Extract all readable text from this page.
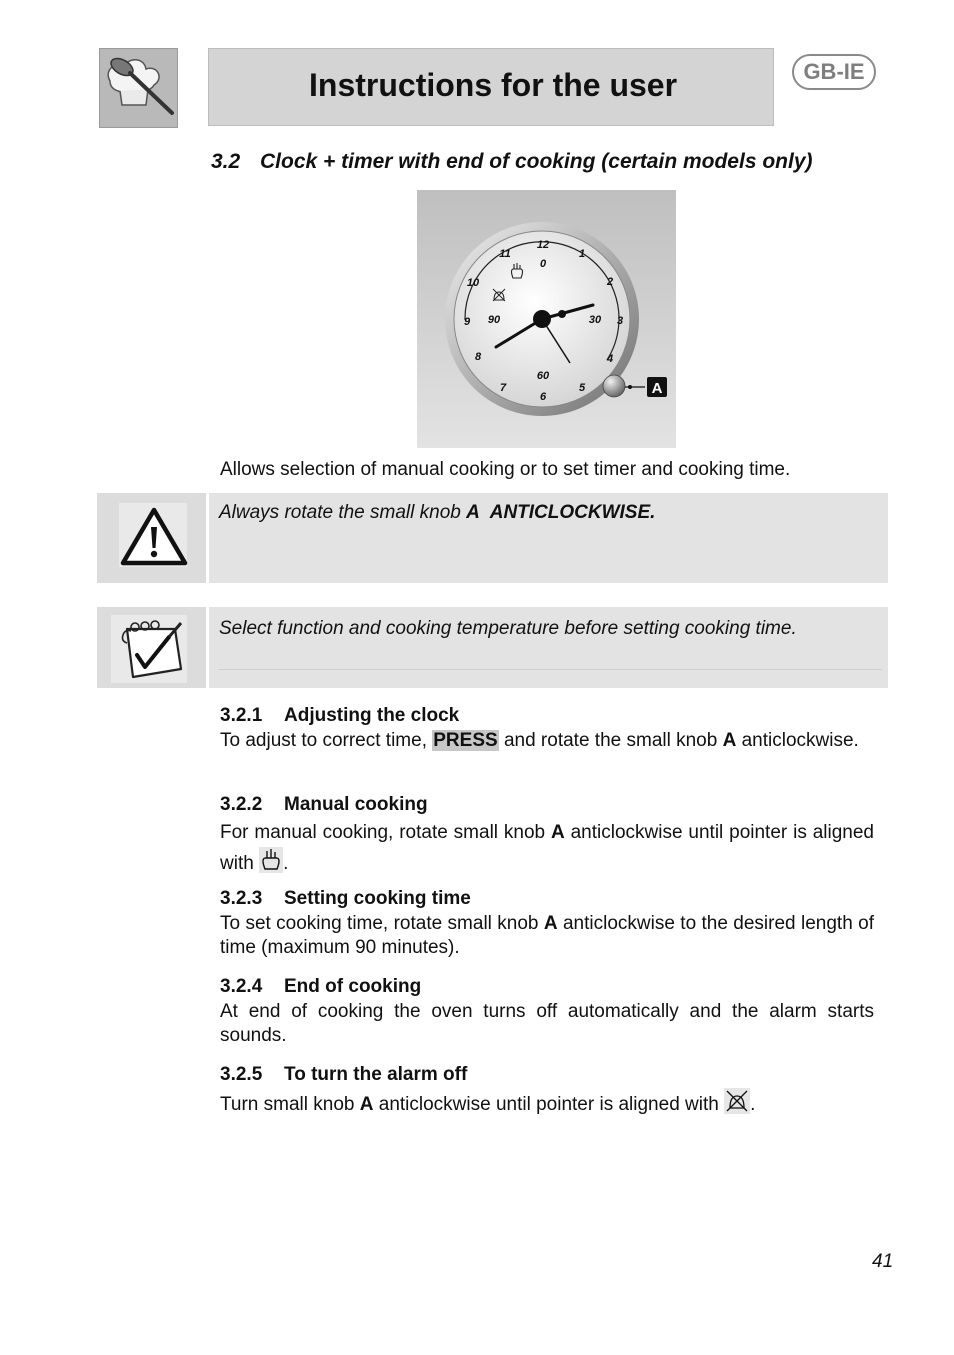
Instructions for the user	GB-IE
3.2 Clock + timer with end of cooking (certain models only)
12
1
2
3
4
5
6
7
8
9
10
11
0
30
60
90
A
Allows selection of manual cooking or to set timer and cooking time.
Always rotate the small knob A ANTICLOCKWISE.
Select function and cooking temperature before setting cooking time.
3.2.1 Adjusting the clock
To adjust to correct time, PRESS and rotate the small knob A anticlockwise.
3.2.2 Manual cooking
For manual cooking, rotate small knob A anticlockwise until pointer is aligned with .
3.2.3 Setting cooking time
To set cooking time, rotate small knob A anticlockwise to the desired length of time (maximum 90 minutes).
3.2.4 End of cooking
At end of cooking the oven turns off automatically and the alarm starts sounds.
3.2.5 To turn the alarm off
Turn small knob A anticlockwise until pointer is aligned with .
41
